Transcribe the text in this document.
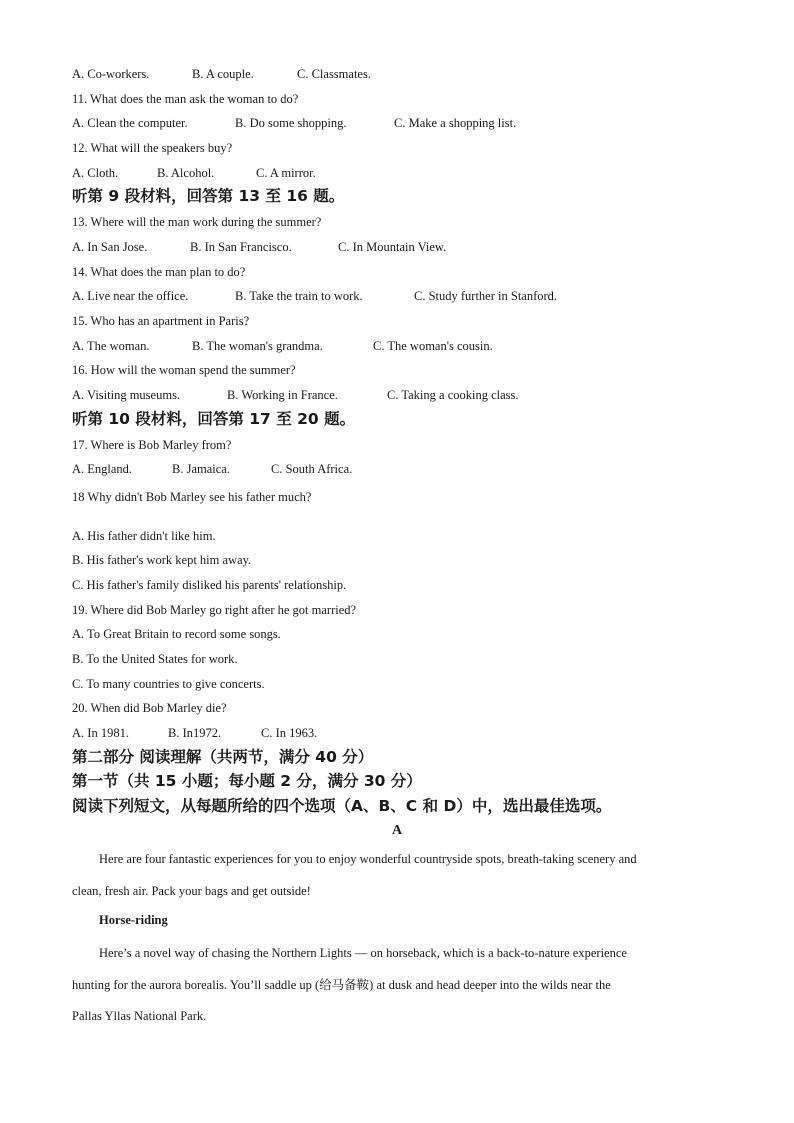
A. Co-workers.	B. A couple.	C. Classmates.
11. What does the man ask the woman to do?
A. Clean the computer.	B. Do some shopping.	C. Make a shopping list.
12. What will the speakers buy?
A. Cloth.	B. Alcohol.	C. A mirror.
听第 9 段材料，回答第 13 至 16 题。
13. Where will the man work during the summer?
A. In San Jose.	B. In San Francisco.	C. In Mountain View.
14. What does the man plan to do?
A. Live near the office.	B. Take the train to work.	C. Study further in Stanford.
15. Who has an apartment in Paris?
A. The woman.	B. The woman's grandma.	C. The woman's cousin.
16. How will the woman spend the summer?
A. Visiting museums.	B. Working in France.	C. Taking a cooking class.
听第 10 段材料，回答第 17 至 20 题。
17. Where is Bob Marley from?
A. England.	B. Jamaica.	C. South Africa.
18 Why didn't Bob Marley see his father much?
A. His father didn't like him.
B. His father's work kept him away.
C. His father's family disliked his parents' relationship.
19. Where did Bob Marley go right after he got married?
A. To Great Britain to record some songs.
B. To the United States for work.
C. To many countries to give concerts.
20. When did Bob Marley die?
A. In 1981.	B. In1972.	C. In 1963.
第二部分 阅读理解（共两节，满分 40 分）
第一节（共 15 小题；每小题 2 分，满分 30 分）
阅读下列短文，从每题所给的四个选项（A、B、C 和 D）中，选出最佳选项。
A
Here are four fantastic experiences for you to enjoy wonderful countryside spots, breath-taking scenery and
clean, fresh air. Pack your bags and get outside!
Horse-riding
Here’s a novel way of chasing the Northern Lights — on horseback, which is a back-to-nature experience
hunting for the aurora borealis. You’ll saddle up (给马备鞍) at dusk and head deeper into the wilds near the
Pallas Yllas National Park.
